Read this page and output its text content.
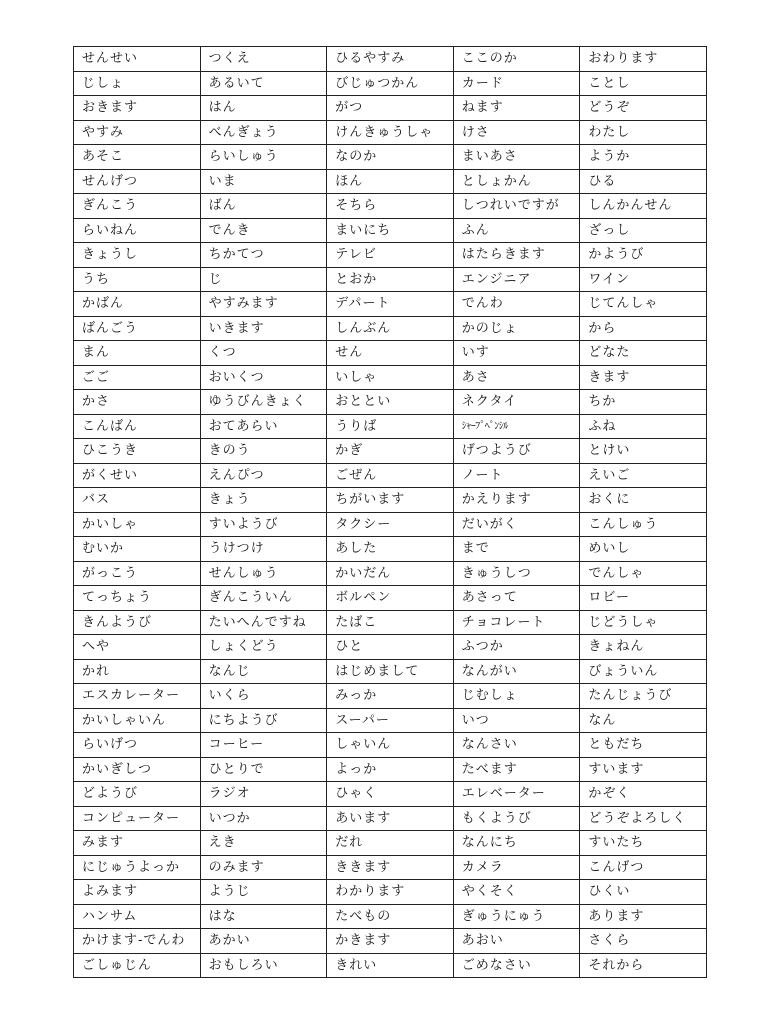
せんせい	つくえ	ひるやすみ	ここのか	おわります
じしょ	あるいて	びじゅつかん	カード	ことし
おきます	はん	がつ	ねます	どうぞ
やすみ	べんぎょう	けんきゅうしゃ	けさ	わたし
あそこ	らいしゅう	なのか	まいあさ	ようか
せんげつ	いま	ほん	としょかん	ひる
ぎんこう	ばん	そちら	しつれいですが	しんかんせん
らいねん	でんき	まいにち	ふん	ざっし
きょうし	ちかてつ	テレビ	はたらきます	かようび
うち	じ	とおか	エンジニア	ワイン
かばん	やすみます	デパート	でんわ	じてんしゃ
ばんごう	いきます	しんぶん	かのじょ	から
まん	くつ	せん	いす	どなた
ごご	おいくつ	いしゃ	あさ	きます
かさ	ゆうびんきょく	おととい	ネクタイ	ちか
こんばん	おてあらい	うりば	ｼｬｰﾌﾟﾍﾟﾝｼﾙ	ふね
ひこうき	きのう	かぎ	げつようび	とけい
がくせい	えんぴつ	ごぜん	ノート	えいご
バス	きょう	ちがいます	かえります	おくに
かいしゃ	すいようび	タクシー	だいがく	こんしゅう
むいか	うけつけ	あした	まで	めいし
がっこう	せんしゅう	かいだん	きゅうしつ	でんしゃ
てっちょう	ぎんこういん	ボルペン	あさって	ロビー
きんようび	たいへんですね	たばこ	チョコレート	じどうしゃ
へや	しょくどう	ひと	ふつか	きょねん
かれ	なんじ	はじめまして	なんがい	びょういん
エスカレーター	いくら	みっか	じむしょ	たんじょうび
かいしゃいん	にちようび	スーパー	いつ	なん
らいげつ	コーヒー	しゃいん	なんさい	ともだち
かいぎしつ	ひとりで	よっか	たべます	すいます
どようび	ラジオ	ひゃく	エレベーター	かぞく
コンピューター	いつか	あいます	もくようび	どうぞよろしく
みます	えき	だれ	なんにち	すいたち
にじゅうよっか	のみます	ききます	カメラ	こんげつ
よみます	ようじ	わかります	やくそく	ひくい
ハンサム	はな	たべもの	ぎゅうにゅう	あります
かけます-でんわ	あかい	かきます	あおい	さくら
ごしゅじん	おもしろい	きれい	ごめなさい	それから
